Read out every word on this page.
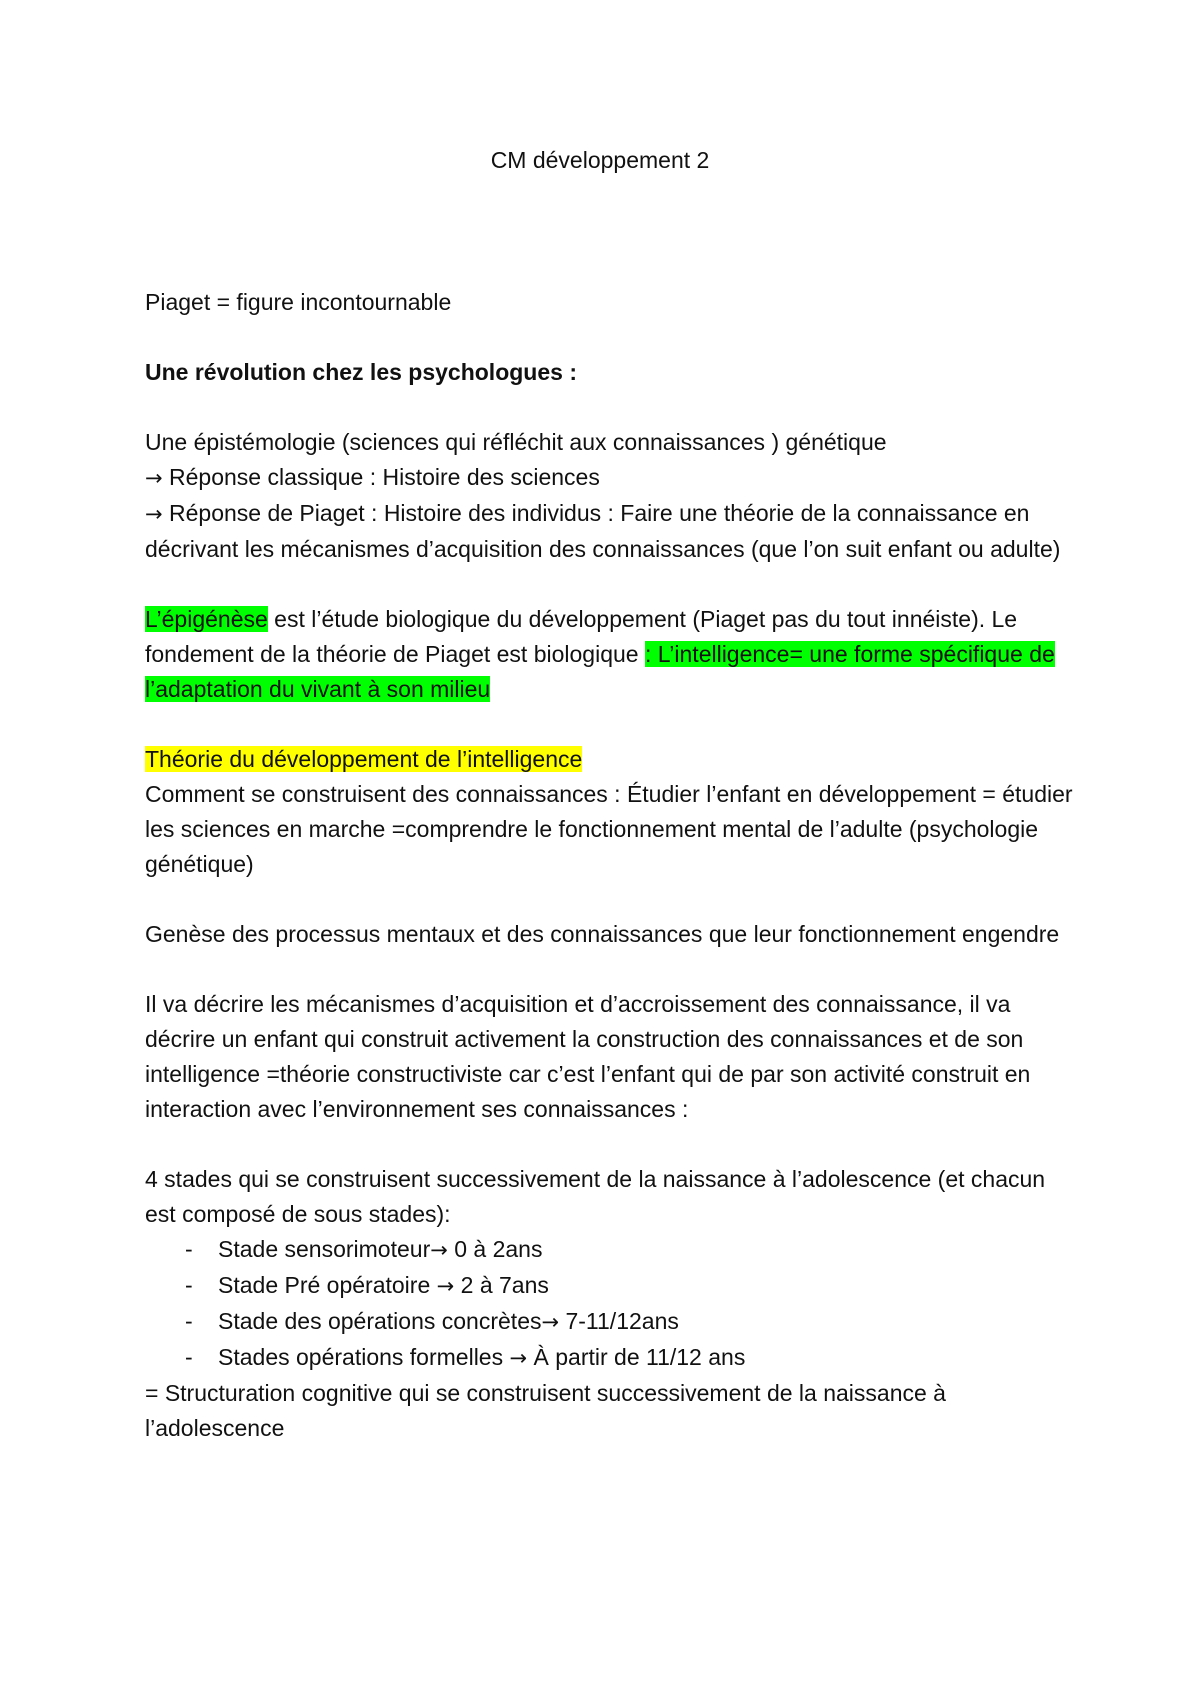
CM développement 2

Piaget = figure incontournable

Une révolution chez les psychologues :

Une épistémologie (sciences qui réfléchit aux connaissances ) génétique

→ Réponse classique : Histoire des sciences

→ Réponse de Piaget : Histoire des individus : Faire une théorie de la connaissance en décrivant les mécanismes d’acquisition des connaissances (que l’on suit enfant ou adulte)

L’épigénèse est l’étude biologique du développement (Piaget pas du tout innéiste). Le fondement de la théorie de Piaget est biologique : L’intelligence= une forme spécifique de l’adaptation du vivant à son milieu

Théorie du développement de l’intelligence

Comment se construisent des connaissances : Étudier l’enfant en développement = étudier les sciences en marche =comprendre le fonctionnement mental de l’adulte (psychologie génétique)

Genèse des processus mentaux et des connaissances que leur fonctionnement engendre

Il va décrire les mécanismes d’acquisition et d’accroissement des connaissance, il va décrire un enfant qui construit activement la construction des connaissances et de son intelligence =théorie constructiviste car c’est l’enfant qui de par son activité construit en interaction avec l’environnement ses connaissances :

4 stades qui se construisent successivement de la naissance à l’adolescence (et chacun est composé de sous stades):

- Stade sensorimoteur→ 0 à 2ans
- Stade Pré opératoire → 2 à 7ans
- Stade des opérations concrètes→ 7-11/12ans
- Stades opérations formelles → À partir de 11/12 ans

= Structuration cognitive qui se construisent successivement de la naissance à l’adolescence
